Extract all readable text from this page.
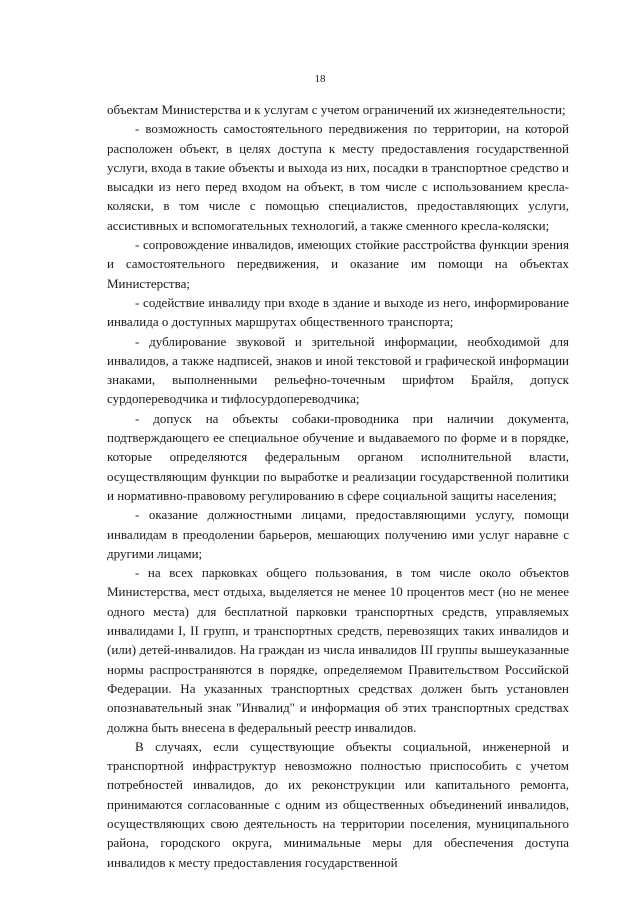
18

объектам Министерства и к услугам с учетом ограничений их жизнедеятельности;

- возможность самостоятельного передвижения по территории, на которой расположен объект, в целях доступа к месту предоставления государственной услуги, входа в такие объекты и выхода из них, посадки в транспортное средство и высадки из него перед входом на объект, в том числе с использованием кресла-коляски, в том числе с помощью специалистов, предоставляющих услуги, ассистивных и вспомогательных технологий, а также сменного кресла-коляски;

- сопровождение инвалидов, имеющих стойкие расстройства функции зрения и самостоятельного передвижения, и оказание им помощи на объектах Министерства;

- содействие инвалиду при входе в здание и выходе из него, информирование инвалида о доступных маршрутах общественного транспорта;

- дублирование звуковой и зрительной информации, необходимой для инвалидов, а также надписей, знаков и иной текстовой и графической информации знаками, выполненными рельефно-точечным шрифтом Брайля, допуск сурдопереводчика и тифлосурдопереводчика;

- допуск на объекты собаки-проводника при наличии документа, подтверждающего ее специальное обучение и выдаваемого по форме и в порядке, которые определяются федеральным органом исполнительной власти, осуществляющим функции по выработке и реализации государственной политики и нормативно-правовому регулированию в сфере социальной защиты населения;

- оказание должностными лицами, предоставляющими услугу, помощи инвалидам в преодолении барьеров, мешающих получению ими услуг наравне с другими лицами;

- на всех парковках общего пользования, в том числе около объектов Министерства, мест отдыха, выделяется не менее 10 процентов мест (но не менее одного места) для бесплатной парковки транспортных средств, управляемых инвалидами I, II групп, и транспортных средств, перевозящих таких инвалидов и (или) детей-инвалидов. На граждан из числа инвалидов III группы вышеуказанные нормы распространяются в порядке, определяемом Правительством Российской Федерации. На указанных транспортных средствах должен быть установлен опознавательный знак "Инвалид" и информация об этих транспортных средствах должна быть внесена в федеральный реестр инвалидов.

В случаях, если существующие объекты социальной, инженерной и транспортной инфраструктур невозможно полностью приспособить с учетом потребностей инвалидов, до их реконструкции или капитального ремонта, принимаются согласованные с одним из общественных объединений инвалидов, осуществляющих свою деятельность на территории поселения, муниципального района, городского округа, минимальные меры для обеспечения доступа инвалидов к месту предоставления государственной
